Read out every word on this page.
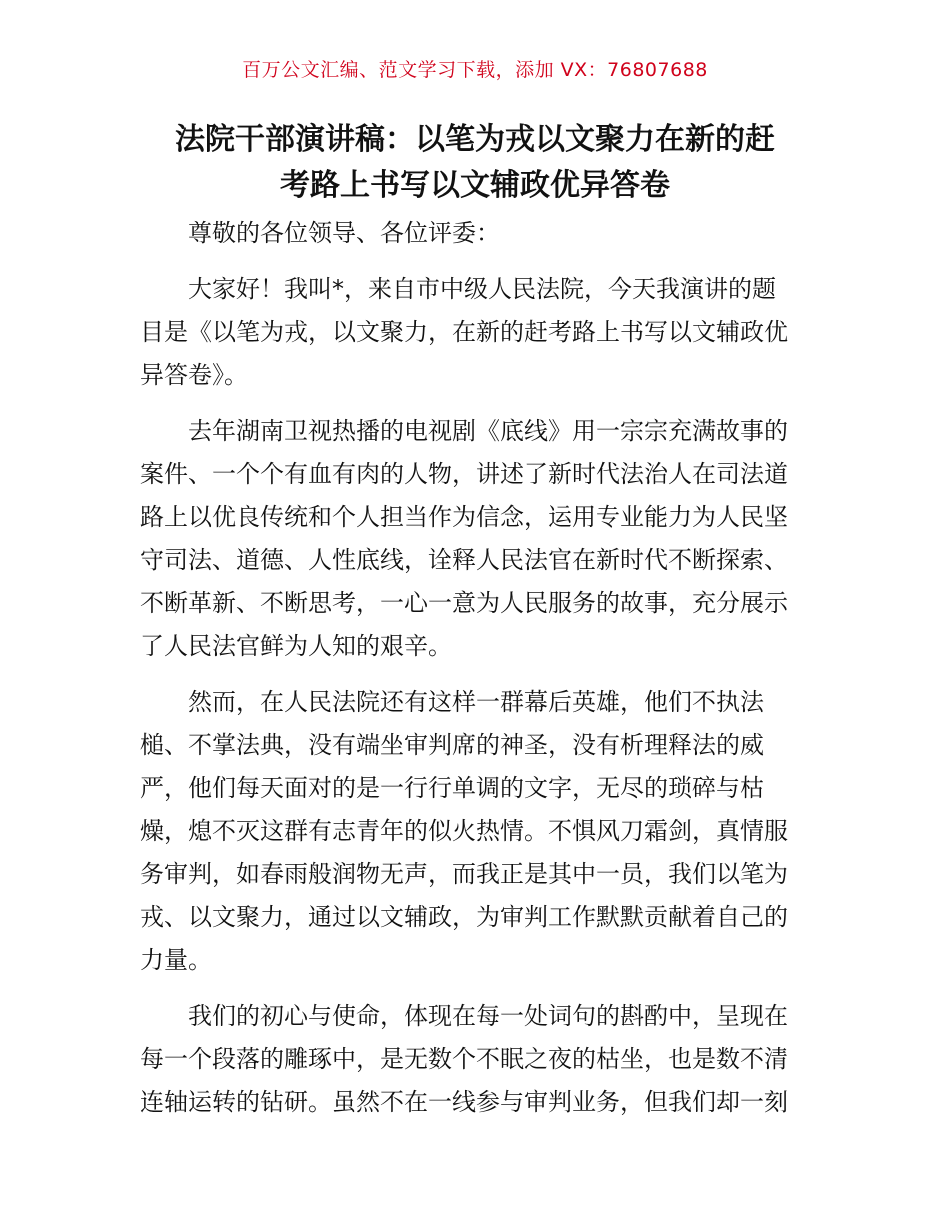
百万公文汇编、范文学习下载，添加 VX：76807688
法院干部演讲稿：以笔为戎以文聚力在新的赶
考路上书写以文辅政优异答卷

尊敬的各位领导、各位评委：

大家好！我叫*，来自市中级人民法院，今天我演讲的题
目是《以笔为戎，以文聚力，在新的赶考路上书写以文辅政优
异答卷》。

去年湖南卫视热播的电视剧《底线》用一宗宗充满故事的
案件、一个个有血有肉的人物，讲述了新时代法治人在司法道
路上以优良传统和个人担当作为信念，运用专业能力为人民坚
守司法、道德、人性底线，诠释人民法官在新时代不断探索、
不断革新、不断思考，一心一意为人民服务的故事，充分展示
了人民法官鲜为人知的艰辛。

然而，在人民法院还有这样一群幕后英雄，他们不执法
槌、不掌法典，没有端坐审判席的神圣，没有析理释法的威
严，他们每天面对的是一行行单调的文字，无尽的琐碎与枯
燥，熄不灭这群有志青年的似火热情。不惧风刀霜剑，真情服
务审判，如春雨般润物无声，而我正是其中一员，我们以笔为
戎、以文聚力，通过以文辅政，为审判工作默默贡献着自己的
力量。

我们的初心与使命，体现在每一处词句的斟酌中，呈现在
每一个段落的雕琢中，是无数个不眠之夜的枯坐，也是数不清
连轴运转的钻研。虽然不在一线参与审判业务，但我们却一刻
